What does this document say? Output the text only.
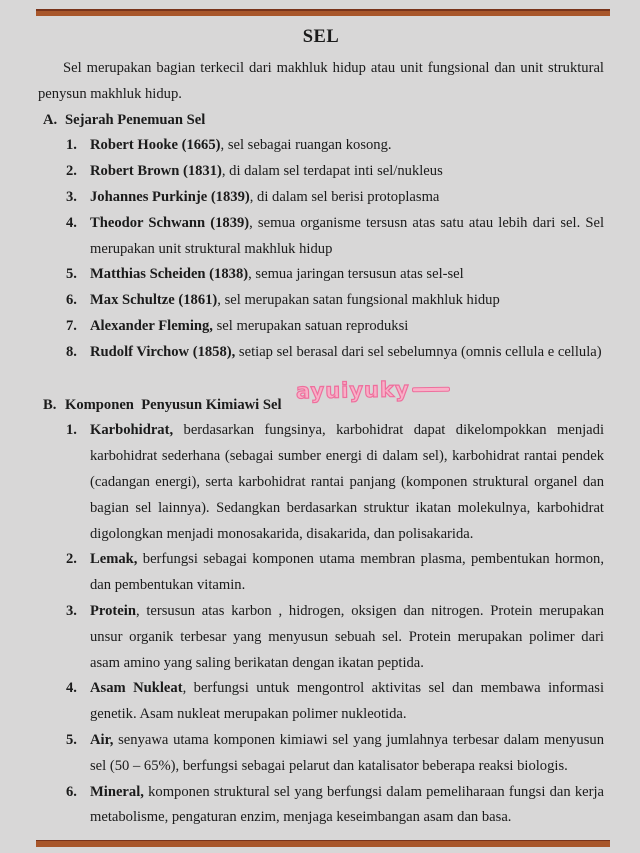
SEL

Sel merupakan bagian terkecil dari makhluk hidup atau unit fungsional dan unit struktural penysun makhluk hidup.

A. Sejarah Penemuan Sel
1. Robert Hooke (1665), sel sebagai ruangan kosong.
2. Robert Brown (1831), di dalam sel terdapat inti sel/nukleus
3. Johannes Purkinje (1839), di dalam sel berisi protoplasma
4. Theodor Schwann (1839), semua organisme tersusn atas satu atau lebih dari sel. Sel merupakan unit struktural makhluk hidup
5. Matthias Scheiden (1838), semua jaringan tersusun atas sel-sel
6. Max Schultze (1861), sel merupakan satan fungsional makhluk hidup
7. Alexander Fleming, sel merupakan satuan reproduksi
8. Rudolf Virchow (1858), setiap sel berasal dari sel sebelumnya (omnis cellula e cellula)
B. Komponen  Penyusun Kimiawi Sel
1. Karbohidrat, berdasarkan fungsinya, karbohidrat dapat dikelompokkan menjadi karbohidrat sederhana (sebagai sumber energi di dalam sel), karbohidrat rantai pendek (cadangan energi), serta karbohidrat rantai panjang (komponen struktural organel dan bagian sel lainnya). Sedangkan berdasarkan struktur ikatan molekulnya, karbohidrat digolongkan menjadi monosakarida, disakarida, dan polisakarida.
2. Lemak, berfungsi sebagai komponen utama membran plasma, pembentukan hormon, dan pembentukan vitamin.
3. Protein, tersusun atas karbon , hidrogen, oksigen dan nitrogen. Protein merupakan unsur organik terbesar yang menyusun sebuah sel. Protein merupakan polimer dari asam amino yang saling berikatan dengan ikatan peptida.
4. Asam Nukleat, berfungsi untuk mengontrol aktivitas sel dan membawa informasi genetik. Asam nukleat merupakan polimer nukleotida.
5. Air, senyawa utama komponen kimiawi sel yang jumlahnya terbesar dalam menyusun sel (50 – 65%), berfungsi sebagai pelarut dan katalisator beberapa reaksi biologis.
6. Mineral, komponen struktural sel yang berfungsi dalam pemeliharaan fungsi dan kerja metabolisme, pengaturan enzim, menjaga keseimbangan asam dan basa.
ayuiyuky
